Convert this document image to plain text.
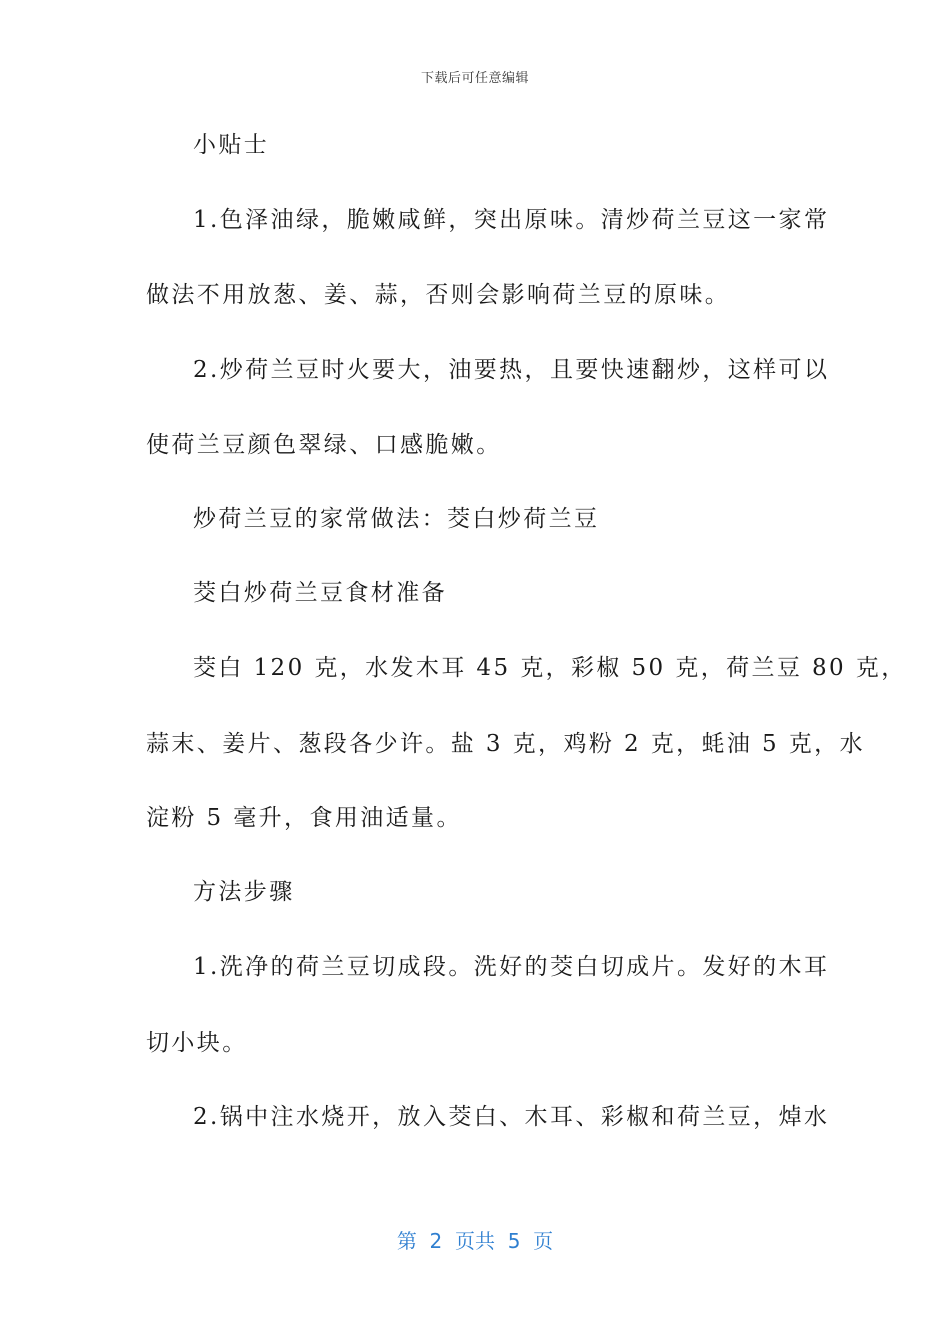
下载后可任意编辑
小贴士
1.色泽油绿，脆嫩咸鲜，突出原味。清炒荷兰豆这一家常
做法不用放葱、姜、蒜，否则会影响荷兰豆的原味。
2.炒荷兰豆时火要大，油要热，且要快速翻炒，这样可以
使荷兰豆颜色翠绿、口感脆嫩。
炒荷兰豆的家常做法：茭白炒荷兰豆
茭白炒荷兰豆食材准备
茭白 120 克，水发木耳 45 克，彩椒 50 克，荷兰豆 80 克，
蒜末、姜片、葱段各少许。盐 3 克，鸡粉 2 克，蚝油 5 克，水
淀粉 5 毫升，食用油适量。
方法步骤
1.洗净的荷兰豆切成段。洗好的茭白切成片。发好的木耳
切小块。
2.锅中注水烧开，放入茭白、木耳、彩椒和荷兰豆，焯水
第  2  页共  5  页
